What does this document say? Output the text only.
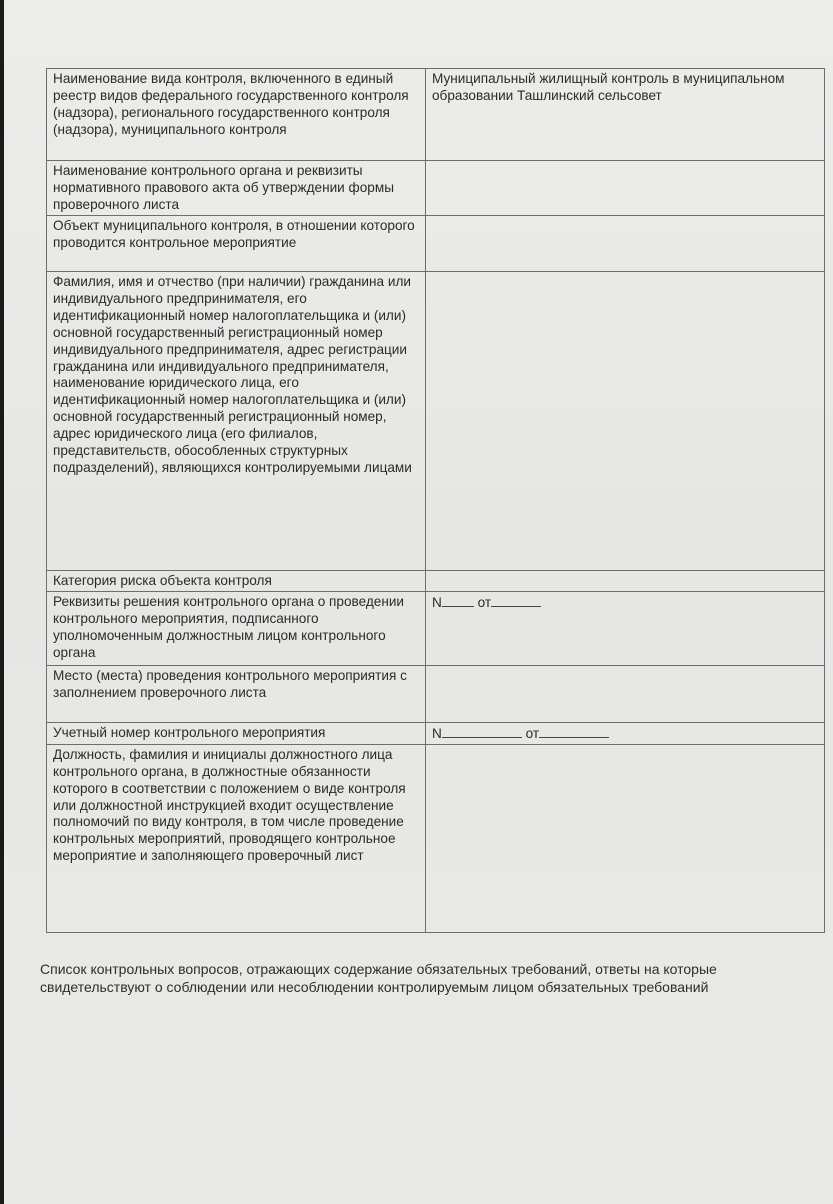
Наименование вида контроля, включенного в единый реестр видов федерального государственного контроля (надзора), регионального государственного контроля (надзора), муниципального контроля	Муниципальный жилищный контроль в муниципальном образовании Ташлинский сельсовет
Наименование контрольного органа и реквизиты нормативного правового акта об утверждении формы проверочного листа	
Объект муниципального контроля, в отношении которого проводится контрольное мероприятие	
Фамилия, имя и отчество (при наличии) гражданина или индивидуального предпринимателя, его идентификационный номер налогоплательщика и (или) основной государственный регистрационный номер индивидуального предпринимателя, адрес регистрации гражданина или индивидуального предпринимателя, наименование юридического лица, его идентификационный номер налогоплательщика и (или) основной государственный регистрационный номер, адрес юридического лица (его филиалов, представительств, обособленных структурных подразделений), являющихся контролируемыми лицами	
Категория риска объекта контроля	
Реквизиты решения контрольного органа о проведении контрольного мероприятия, подписанного уполномоченным должностным лицом контрольного органа	N от
Место (места) проведения контрольного мероприятия с заполнением проверочного листа	
Учетный номер контрольного мероприятия	N от
Должность, фамилия и инициалы должностного лица контрольного органа, в должностные обязанности которого в соответствии с положением о виде контроля или должностной инструкцией входит осуществление полномочий по виду контроля, в том числе проведение контрольных мероприятий, проводящего контрольное мероприятие и заполняющего проверочный лист	
Список контрольных вопросов, отражающих содержание обязательных требований, ответы на которые свидетельствуют о соблюдении или несоблюдении контролируемым лицом обязательных требований
